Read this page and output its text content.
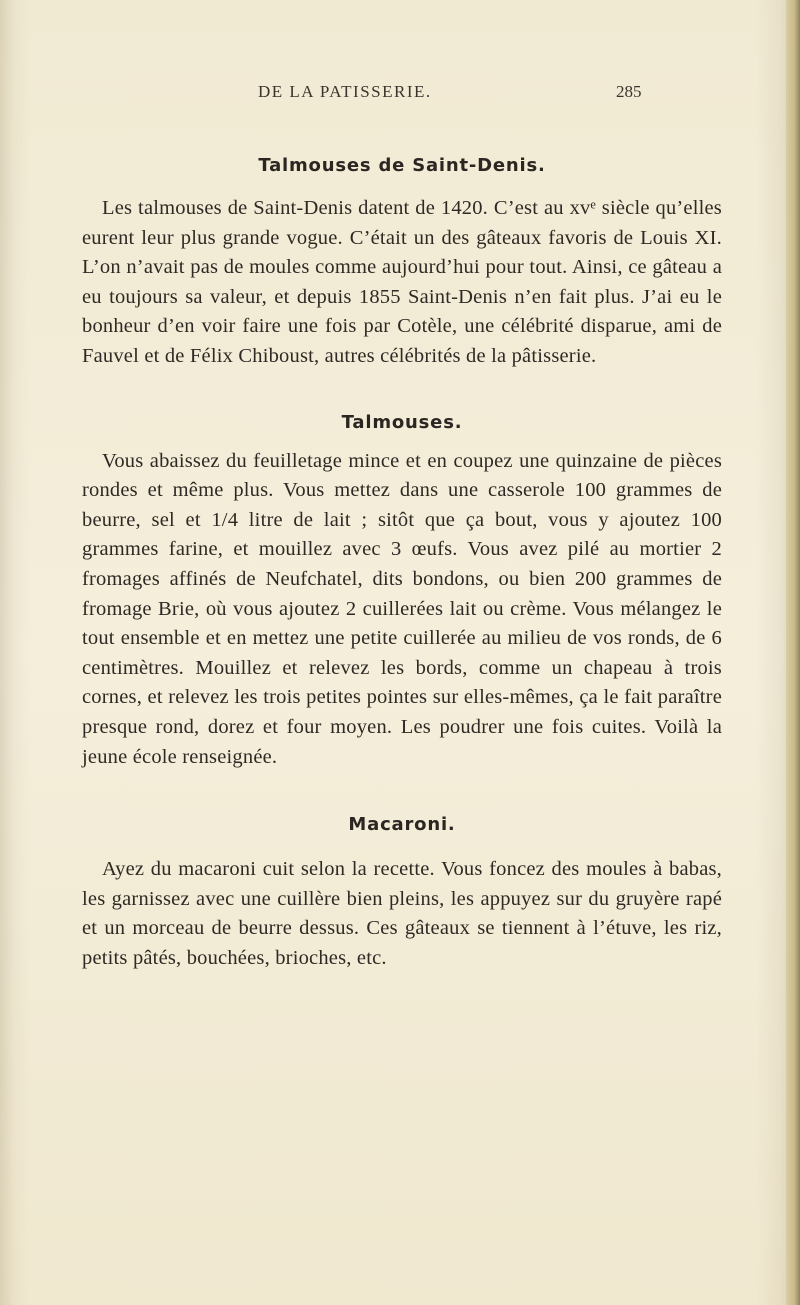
DE LA PATISSERIE.	285
Talmouses de Saint-Denis.

Les talmouses de Saint-Denis datent de 1420. C’est au xvᵉ siècle qu’elles eurent leur plus grande vogue. C’était un des gâteaux favoris de Louis XI. L’on n’avait pas de moules comme aujourd’hui pour tout. Ainsi, ce gâteau a eu toujours sa valeur, et depuis 1855 Saint-Denis n’en fait plus. J’ai eu le bonheur d’en voir faire une fois par Cotèle, une célébrité disparue, ami de Fauvel et de Félix Chiboust, autres célébrités de la pâtisserie.

Talmouses.

Vous abaissez du feuilletage mince et en coupez une quinzaine de pièces rondes et même plus. Vous mettez dans une casserole 100 grammes de beurre, sel et 1/4 litre de lait ; sitôt que ça bout, vous y ajoutez 100 grammes farine, et mouillez avec 3 œufs. Vous avez pilé au mortier 2 fromages affinés de Neufchatel, dits bondons, ou bien 200 grammes de fromage Brie, où vous ajoutez 2 cuillerées lait ou crème. Vous mélangez le tout ensemble et en mettez une petite cuillerée au milieu de vos ronds, de 6 centimètres. Mouillez et relevez les bords, comme un chapeau à trois cornes, et relevez les trois petites pointes sur elles-mêmes, ça le fait paraître presque rond, dorez et four moyen. Les poudrer une fois cuites. Voilà la jeune école renseignée.

Macaroni.

Ayez du macaroni cuit selon la recette. Vous foncez des moules à babas, les garnissez avec une cuillère bien pleins, les appuyez sur du gruyère rapé et un morceau de beurre dessus. Ces gâteaux se tiennent à l’étuve, les riz, petits pâtés, bouchées, brioches, etc.
